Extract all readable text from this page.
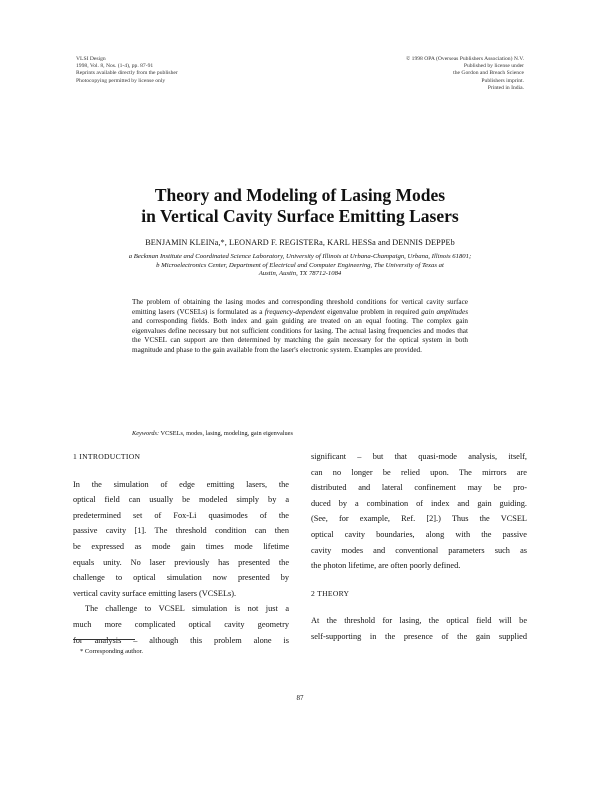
VLSI Design
1998, Vol. 8, Nos. (1-4), pp. 87-91
Reprints available directly from the publisher
Photocopying permitted by license only
© 1998 OPA (Overseas Publishers Association) N.V.
Published by license under
the Gordon and Breach Science
Publishers imprint.
Printed in India.
Theory and Modeling of Lasing Modes
in Vertical Cavity Surface Emitting Lasers
BENJAMIN KLEINa,*, LEONARD F. REGISTERa, KARL HESSa and DENNIS DEPPEb
a Beckman Institute and Coordinated Science Laboratory, University of Illinois at Urbana-Champaign, Urbana, Illinois 61801;
b Microelectronics Center, Department of Electrical and Computer Engineering, The University of Texas at
Austin, Austin, TX 78712-1084
The problem of obtaining the lasing modes and corresponding threshold conditions for vertical cavity surface emitting lasers (VCSELs) is formulated as a frequency-dependent eigenvalue problem in required gain amplitudes and corresponding fields. Both index and gain guiding are treated on an equal footing. The complex gain eigenvalues define necessary but not sufficient conditions for lasing. The actual lasing frequencies and modes that the VCSEL can support are then determined by matching the gain necessary for the optical system in both magnitude and phase to the gain available from the laser's electronic system. Examples are provided.
Keywords: VCSELs, modes, lasing, modeling, gain eigenvalues
1 INTRODUCTION
In the simulation of edge emitting lasers, the
optical field can usually be modeled simply by a
predetermined set of Fox-Li quasimodes of the
passive cavity [1]. The threshold condition can then
be expressed as mode gain times mode lifetime
equals unity. No laser previously has presented the
challenge to optical simulation now presented by
vertical cavity surface emitting lasers (VCSELs).
The challenge to VCSEL simulation is not just a
much more complicated optical cavity geometry
for analysis – although this problem alone is
significant – but that quasi-mode analysis, itself,
can no longer be relied upon. The mirrors are
distributed and lateral confinement may be pro-
duced by a combination of index and gain guiding.
(See, for example, Ref. [2].) Thus the VCSEL
optical cavity boundaries, along with the passive
cavity modes and conventional parameters such as
the photon lifetime, are often poorly defined.
2 THEORY
At the threshold for lasing, the optical field will be
self-supporting in the presence of the gain supplied
* Corresponding author.
87
